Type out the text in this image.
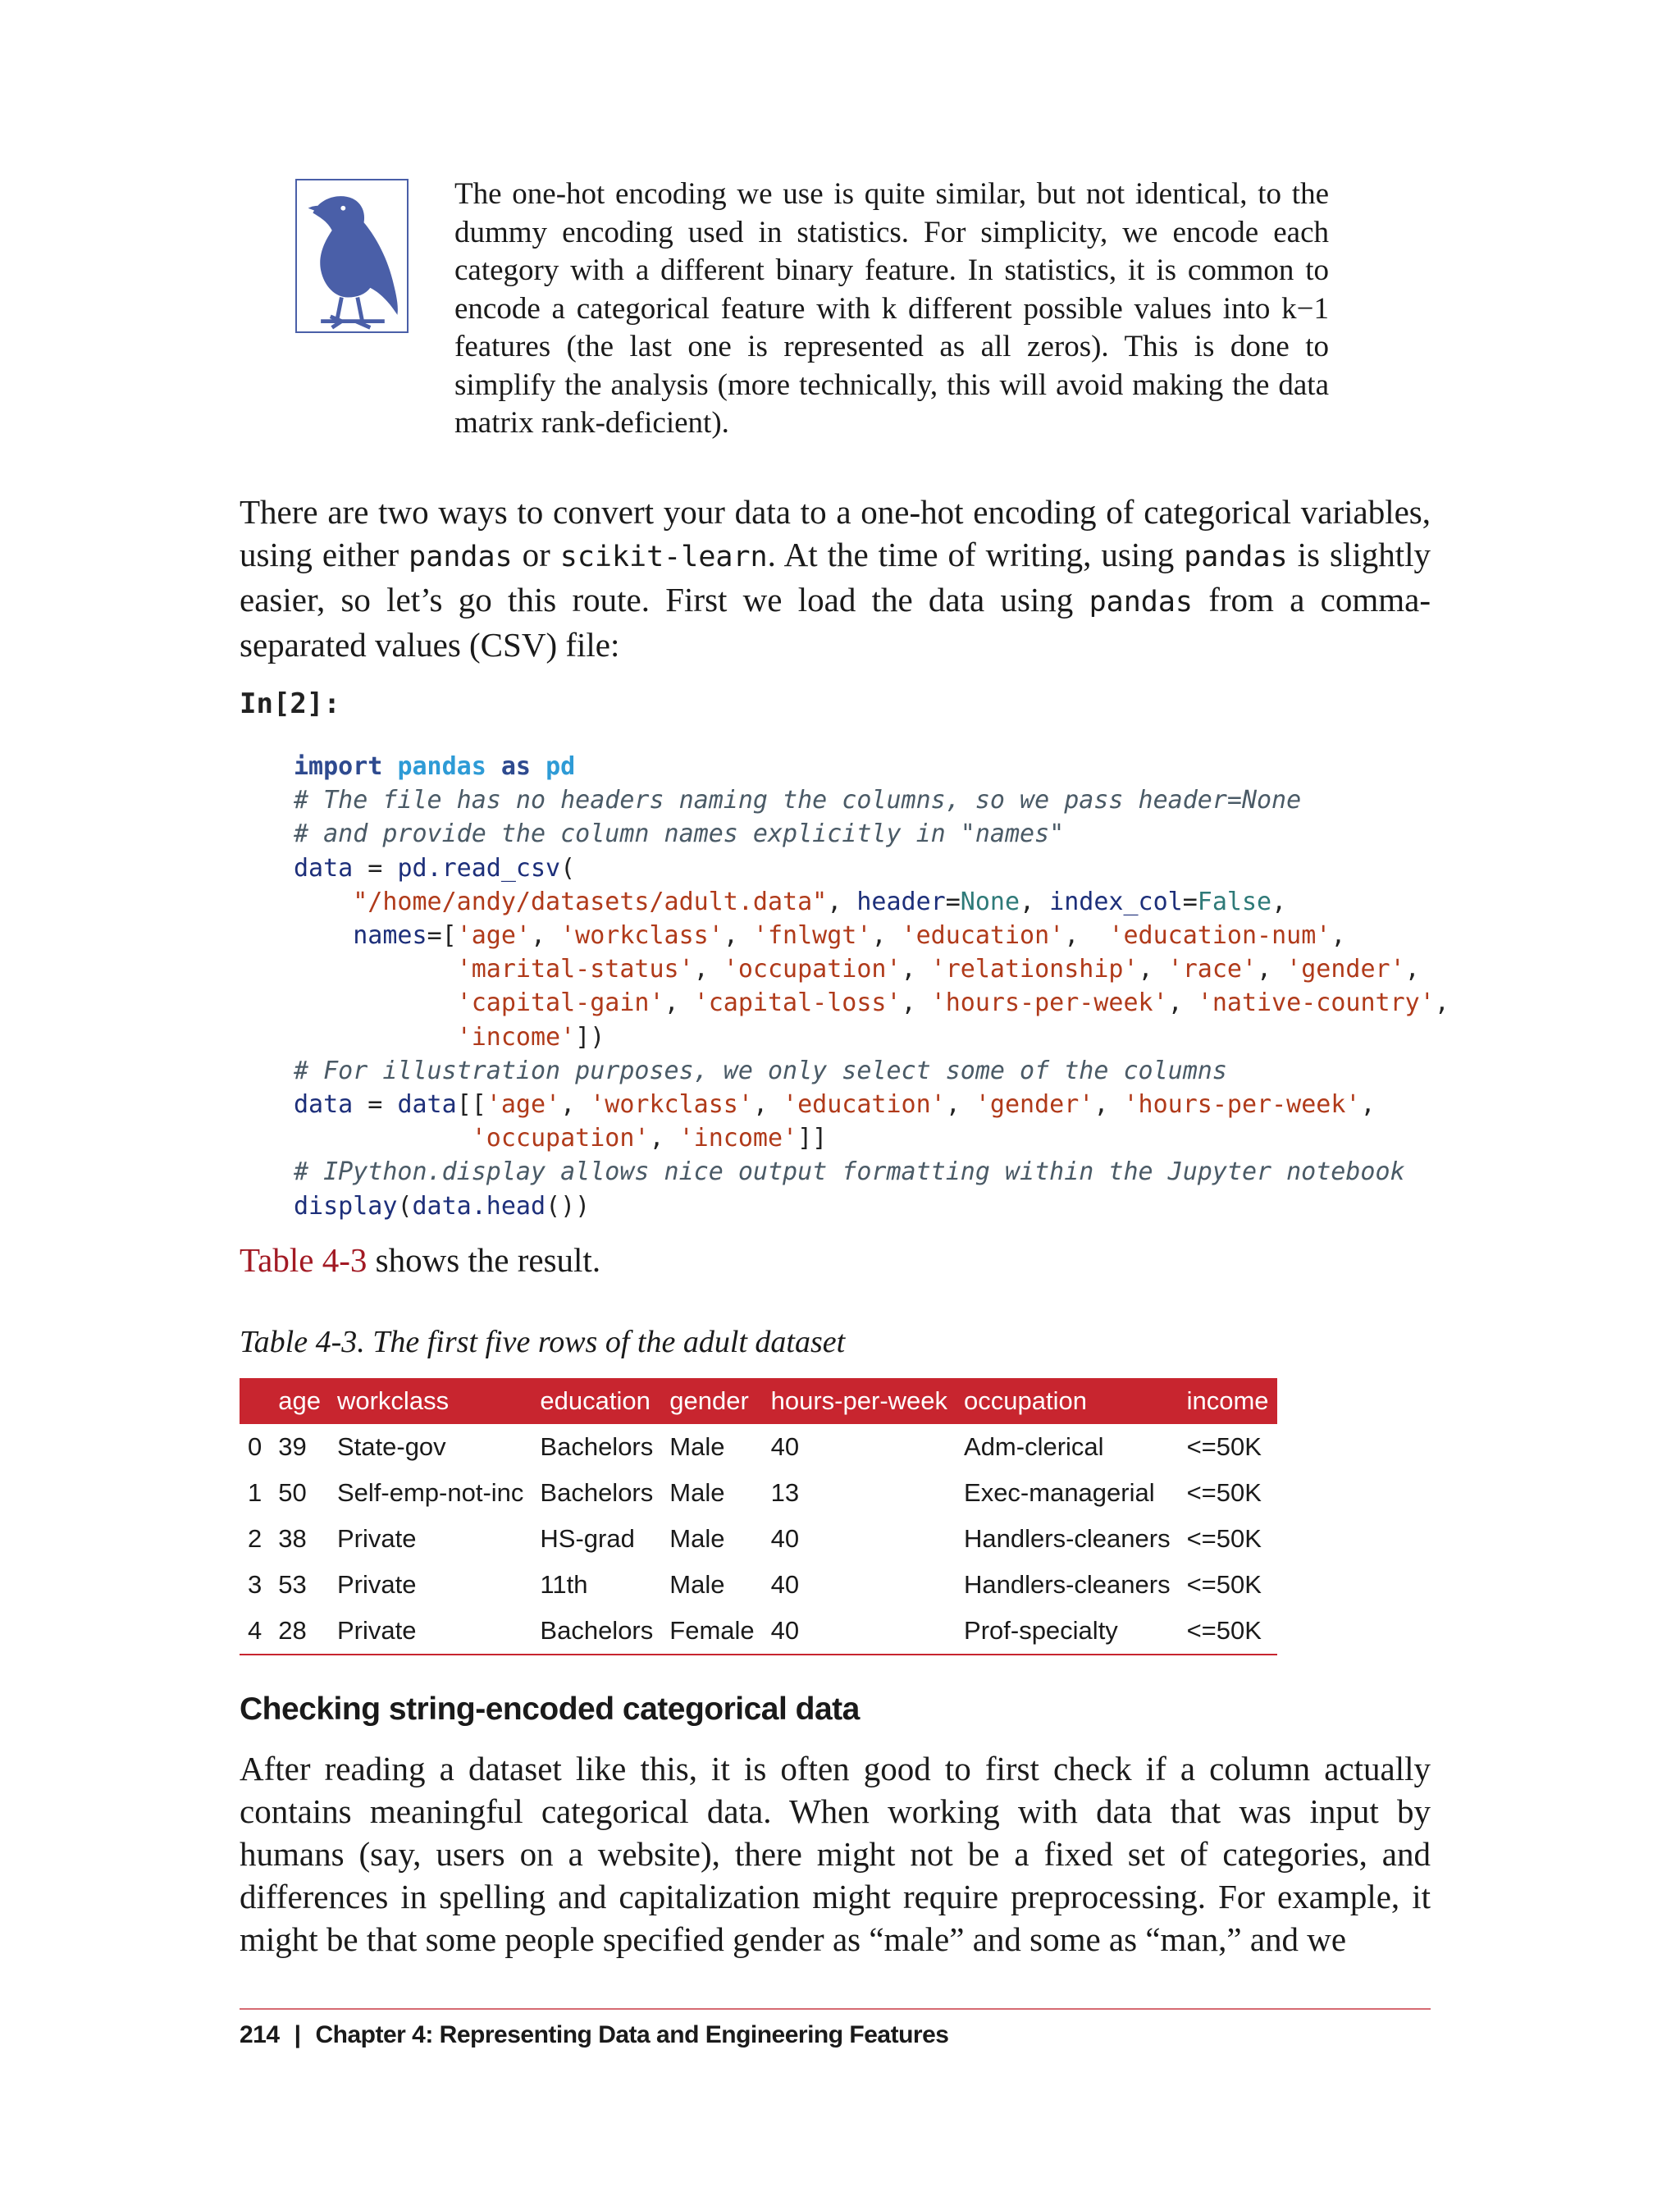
The one-hot encoding we use is quite similar, but not identical, to the dummy encoding used in statistics. For simplicity, we encode each category with a different binary feature. In statistics, it is common to encode a categorical feature with k different possible values into k−1 features (the last one is represented as all zeros). This is done to simplify the analysis (more technically, this will avoid making the data matrix rank-deficient).
There are two ways to convert your data to a one-hot encoding of categorical variables, using either pandas or scikit-learn. At the time of writing, using pandas is slightly easier, so let’s go this route. First we load the data using pandas from a comma-separated values (CSV) file:
In[2]:
import pandas as pd
# The file has no headers naming the columns, so we pass header=None
# and provide the column names explicitly in "names"
data = pd.read_csv(
"/home/andy/datasets/adult.data", header=None, index_col=False,
names=['age', 'workclass', 'fnlwgt', 'education',  'education-num',
'marital-status', 'occupation', 'relationship', 'race', 'gender',
'capital-gain', 'capital-loss', 'hours-per-week', 'native-country',
'income'])
# For illustration purposes, we only select some of the columns
data = data[['age', 'workclass', 'education', 'gender', 'hours-per-week',
'occupation', 'income']]
# IPython.display allows nice output formatting within the Jupyter notebook
display(data.head())
Table 4-3 shows the result.
Table 4-3. The first five rows of the adult dataset
	age	workclass	education	gender	hours-per-week	occupation	income
0	39	State-gov	Bachelors	Male	40	Adm-clerical	<=50K
1	50	Self-emp-not-inc	Bachelors	Male	13	Exec-managerial	<=50K
2	38	Private	HS-grad	Male	40	Handlers-cleaners	<=50K
3	53	Private	11th	Male	40	Handlers-cleaners	<=50K
4	28	Private	Bachelors	Female	40	Prof-specialty	<=50K
Checking string-encoded categorical data
After reading a dataset like this, it is often good to first check if a column actually contains meaningful categorical data. When working with data that was input by humans (say, users on a website), there might not be a fixed set of categories, and differences in spelling and capitalization might require preprocessing. For example, it might be that some people specified gender as “male” and some as “man,” and we
214 | Chapter 4: Representing Data and Engineering Features
